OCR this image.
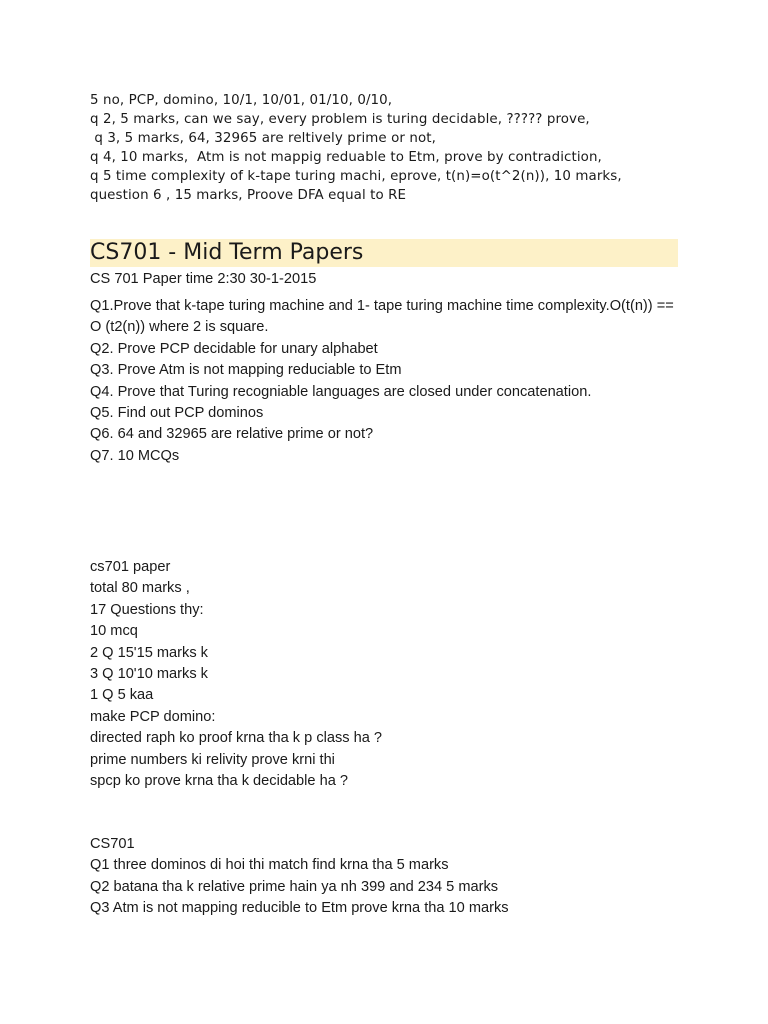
5 no, PCP, domino, 10/1, 10/01, 01/10, 0/10,
q 2, 5 marks, can we say, every problem is turing decidable, ????? prove,
q 3, 5 marks, 64, 32965 are reltively prime or not,
q 4, 10 marks,  Atm is not mappig reduable to Etm, prove by contradiction,
q 5 time complexity of k-tape turing machi, eprove, t(n)=o(t^2(n)), 10 marks,
question 6 , 15 marks, Proove DFA equal to RE
CS701 - Mid Term Papers
CS 701 Paper time 2:30 30-1-2015
Q1.Prove that k-tape turing machine and 1- tape turing machine time complexity.O(t(n)) ==
O (t2(n)) where 2 is square.
Q2. Prove PCP decidable for unary alphabet
Q3. Prove Atm is not mapping reduciable to Etm
Q4. Prove that Turing recogniable languages are closed under concatenation.
Q5. Find out PCP dominos
Q6. 64 and 32965 are relative prime or not?
Q7. 10 MCQs
cs701 paper
total 80 marks ,
17 Questions thy:
10 mcq
2 Q 15'15 marks k
3 Q 10'10 marks k
1 Q 5 kaa
make PCP domino:
directed raph ko proof krna tha k p class ha ?
prime numbers ki relivity prove krni thi
spcp ko prove krna tha k decidable ha ?
CS701
Q1 three dominos di hoi thi match find krna tha 5 marks
Q2 batana tha k relative prime hain ya nh 399 and 234 5 marks
Q3 Atm is not mapping reducible to Etm prove krna tha 10 marks
